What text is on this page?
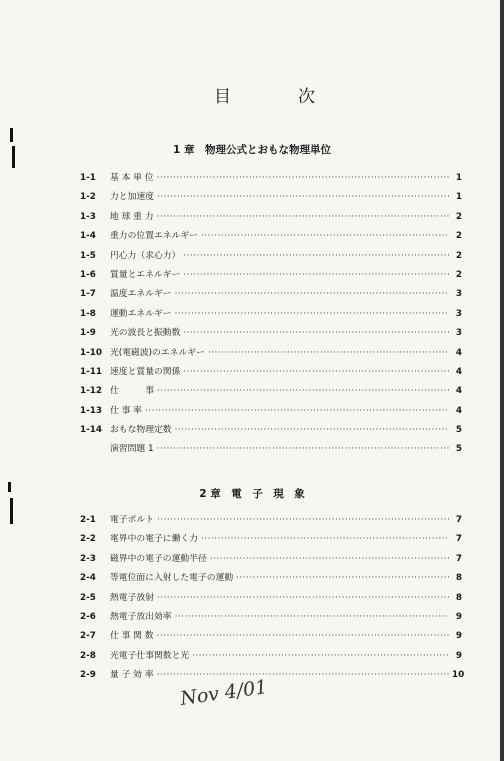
目	次
1 章　物理公式とおもな物理単位
1-1	基 本 単 位 ·····	1
1-2	力と加速度 ·····	1
1-3	地 球 重 力 ·····	2
1-4	重力の位置エネルギー ·····	2
1-5	円心力（求心力） ·····	2
1-6	質量とエネルギー ·····	2
1-7	温度エネルギー ·····	3
1-8	運動エネルギー ·····	3
1-9	光の波長と振動数 ·····	3
1-10 光(電磁波)のエネルギー ·····	4
1-11 速度と質量の関係 ·····	4
1-12 仕　　　事 ·····	4
1-13 仕 事 率 ·····	4
1-14 おもな物理定数 ·····	5
演習問題 1 ·····	5
2 章　電　子　現　象
2-1	電子ボルト ·····	7
2-2	電界中の電子に働く力 ·····	7
2-3	磁界中の電子の運動半径 ·····	7
2-4	等電位面に入射した電子の運動 ·····	8
2-5	熱電子放射 ·····	8
2-6	熱電子放出効率 ·····	9
2-7	仕 事 関 数 ·····	9
2-8	光電子仕事関数と光 ·····	9
2-9	量 子 効 率 ·····	10
Nov 4/01
